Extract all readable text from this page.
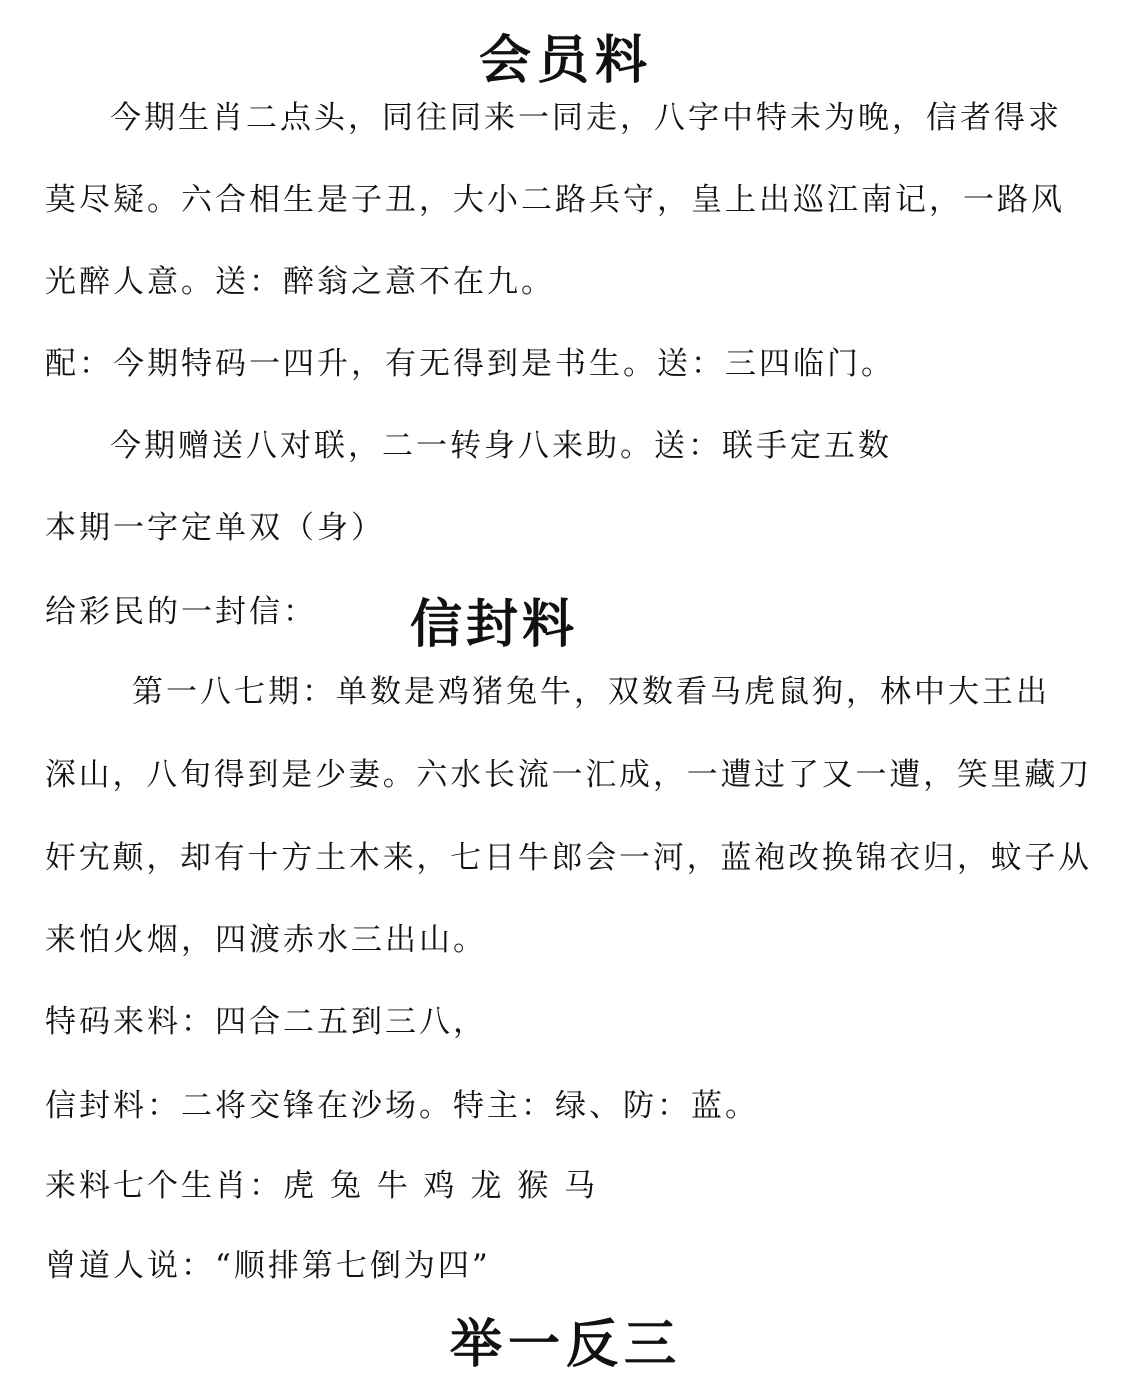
会员料
今期生肖二点头，同往同来一同走，八字中特未为晚，信者得求
莫尽疑。六合相生是子丑，大小二路兵守，皇上出巡江南记，一路风
光醉人意。送：醉翁之意不在九。
配：今期特码一四升，有无得到是书生。送：三四临门。
今期赠送八对联，二一转身八来助。送：联手定五数
本期一字定单双（身）
给彩民的一封信： 信封料
第一八七期：单数是鸡猪兔牛，双数看马虎鼠狗，林中大王出
深山，八旬得到是少妻。六水长流一汇成，一遭过了又一遭，笑里藏刀
奸宄颠，却有十方土木来，七日牛郎会一河，蓝袍改换锦衣归，蚊子从
来怕火烟，四渡赤水三出山。
特码来料：四合二五到三八，
信封料：二将交锋在沙场。特主：绿、防：蓝。
来料七个生肖：虎 兔 牛 鸡 龙 猴 马
曾道人说：“顺排第七倒为四”
举一反三
